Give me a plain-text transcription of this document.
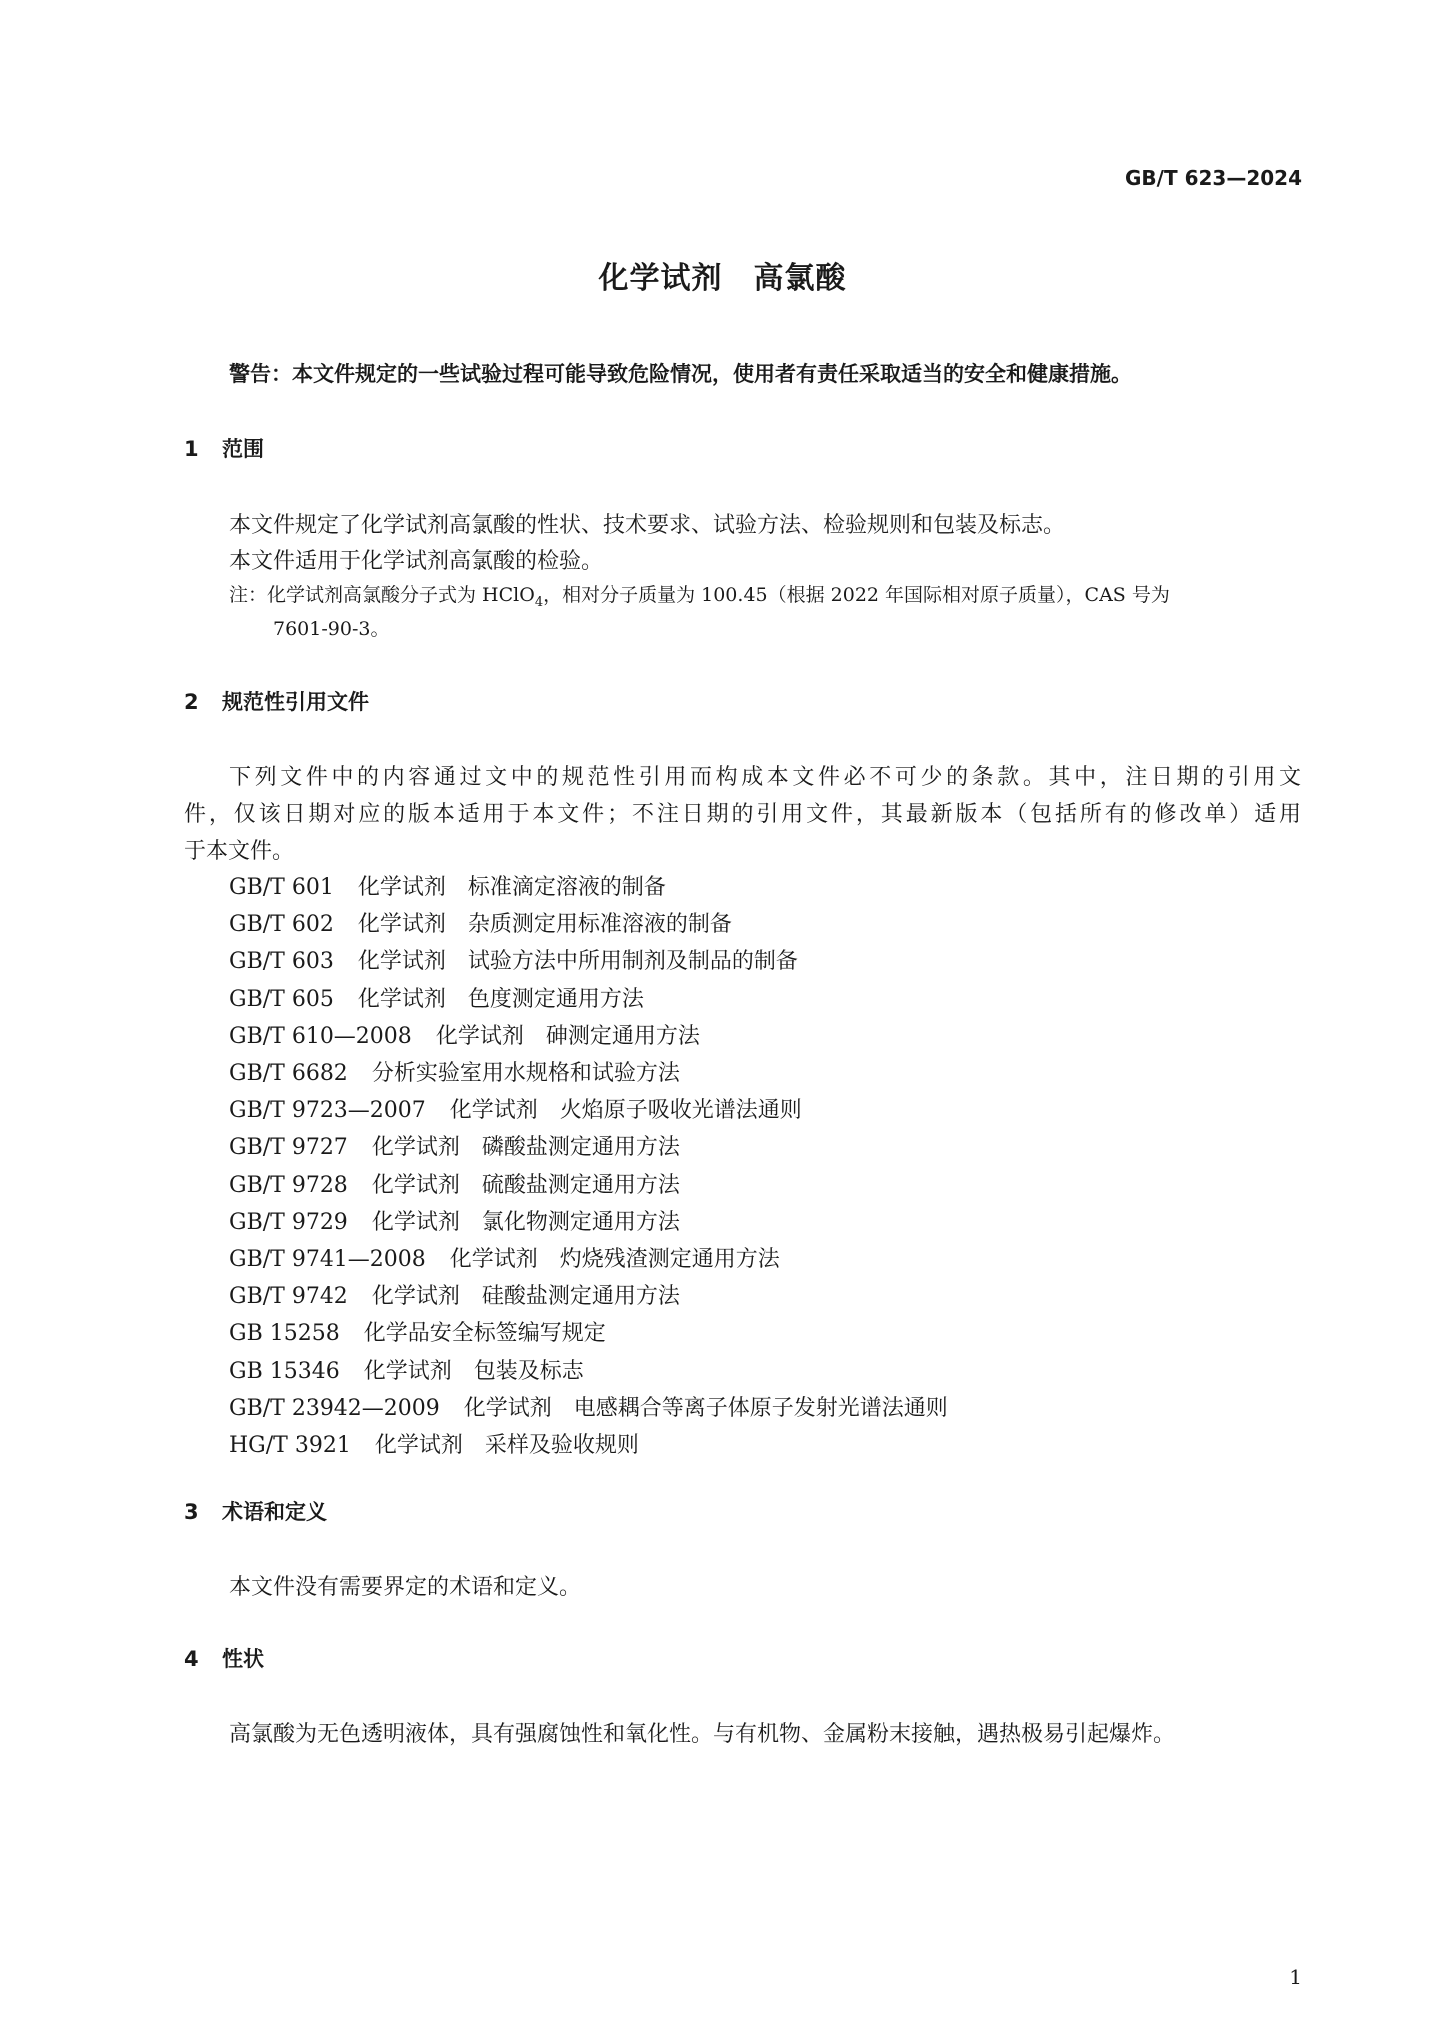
GB/T 623—2024
化学试剂　高氯酸
警告：本文件规定的一些试验过程可能导致危险情况，使用者有责任采取适当的安全和健康措施。
1 范围
本文件规定了化学试剂高氯酸的性状、技术要求、试验方法、检验规则和包装及标志。
本文件适用于化学试剂高氯酸的检验。
注：化学试剂高氯酸分子式为 HClO$_4$，相对分子质量为 100.45（根据 2022 年国际相对原子质量），CAS 号为
7601-90-3。
2 规范性引用文件
下列文件中的内容通过文中的规范性引用而构成本文件必不可少的条款。其中，注日期的引用文
件，仅该日期对应的版本适用于本文件；不注日期的引用文件，其最新版本（包括所有的修改单）适用
于本文件。
GB/T 601 化学试剂　标准滴定溶液的制备
GB/T 602 化学试剂　杂质测定用标准溶液的制备
GB/T 603 化学试剂　试验方法中所用制剂及制品的制备
GB/T 605 化学试剂　色度测定通用方法
GB/T 610—2008 化学试剂　砷测定通用方法
GB/T 6682 分析实验室用水规格和试验方法
GB/T 9723—2007 化学试剂　火焰原子吸收光谱法通则
GB/T 9727 化学试剂　磷酸盐测定通用方法
GB/T 9728 化学试剂　硫酸盐测定通用方法
GB/T 9729 化学试剂　氯化物测定通用方法
GB/T 9741—2008 化学试剂　灼烧残渣测定通用方法
GB/T 9742 化学试剂　硅酸盐测定通用方法
GB 15258 化学品安全标签编写规定
GB 15346 化学试剂　包装及标志
GB/T 23942—2009 化学试剂　电感耦合等离子体原子发射光谱法通则
HG/T 3921 化学试剂　采样及验收规则
3 术语和定义
本文件没有需要界定的术语和定义。
4 性状
高氯酸为无色透明液体，具有强腐蚀性和氧化性。与有机物、金属粉末接触，遇热极易引起爆炸。
1
